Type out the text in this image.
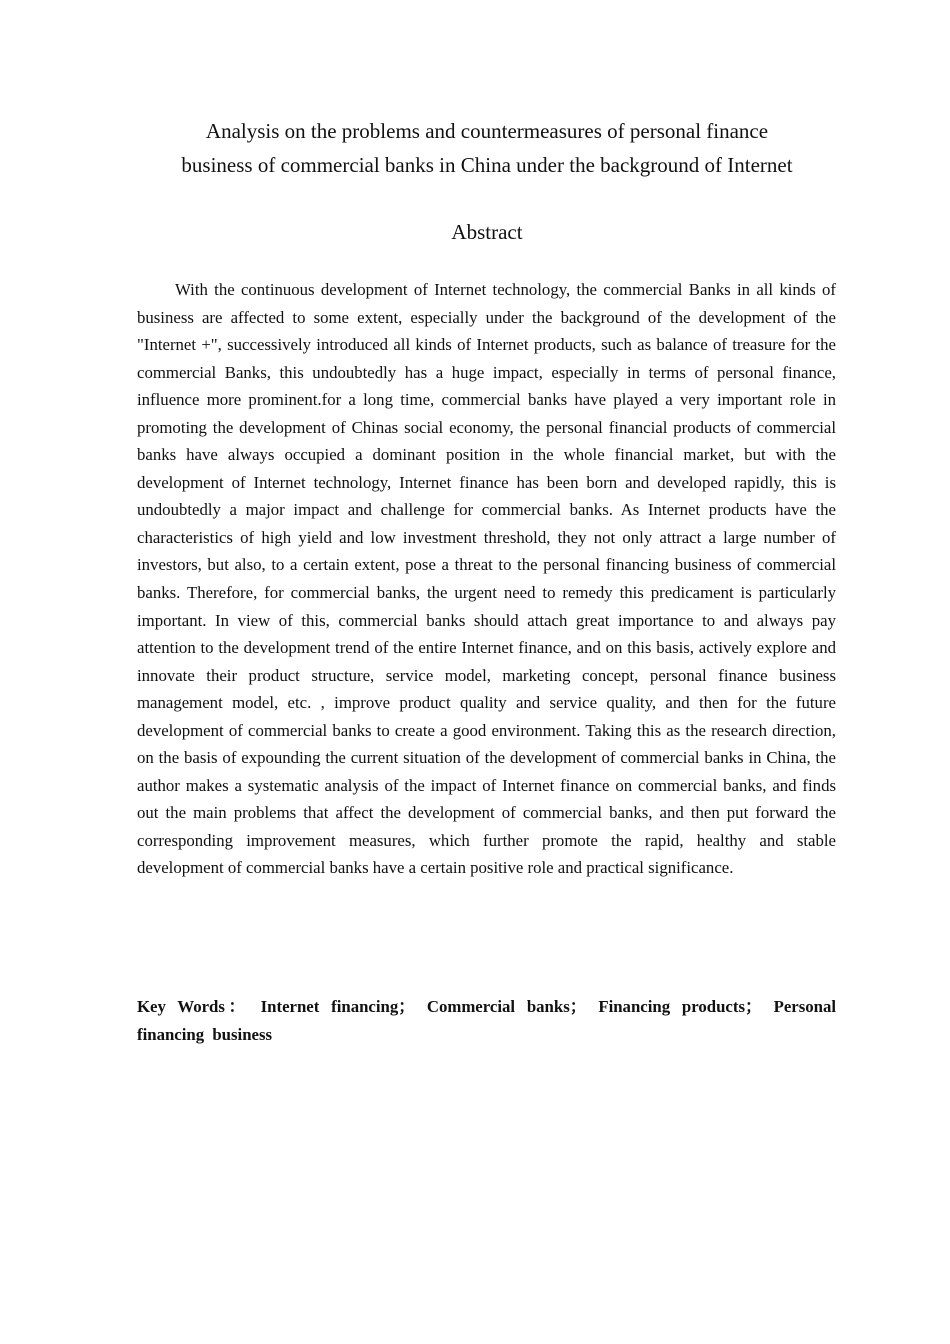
Analysis on the problems and countermeasures of personal finance
business of commercial banks in China under the background of Internet
Abstract

With the continuous development of Internet technology, the commercial Banks in all kinds of business are affected to some extent, especially under the background of the development of the "Internet +", successively introduced all kinds of Internet products, such as balance of treasure for the commercial Banks, this undoubtedly has a huge impact, especially in terms of personal finance, influence more prominent.for a long time, commercial banks have played a very important role in promoting the development of Chinas social economy, the personal financial products of commercial banks have always occupied a dominant position in the whole financial market, but with the development of Internet technology, Internet finance has been born and developed rapidly, this is undoubtedly a major impact and challenge for commercial banks. As Internet products have the characteristics of high yield and low investment threshold, they not only attract a large number of investors, but also, to a certain extent, pose a threat to the personal financing business of commercial banks. Therefore, for commercial banks, the urgent need to remedy this predicament is particularly important. In view of this, commercial banks should attach great importance to and always pay attention to the development trend of the entire Internet finance, and on this basis, actively explore and innovate their product structure, service model, marketing concept, personal finance business management model, etc. , improve product quality and service quality, and then for the future development of commercial banks to create a good environment. Taking this as the research direction, on the basis of expounding the current situation of the development of commercial banks in China, the author makes a systematic analysis of the impact of Internet finance on commercial banks, and finds out the main problems that affect the development of commercial banks, and then put forward the corresponding improvement measures, which further promote the rapid, healthy and stable development of commercial banks have a certain positive role and practical significance.

Key Words： Internet financing； Commercial banks； Financing products； Personal financing business
